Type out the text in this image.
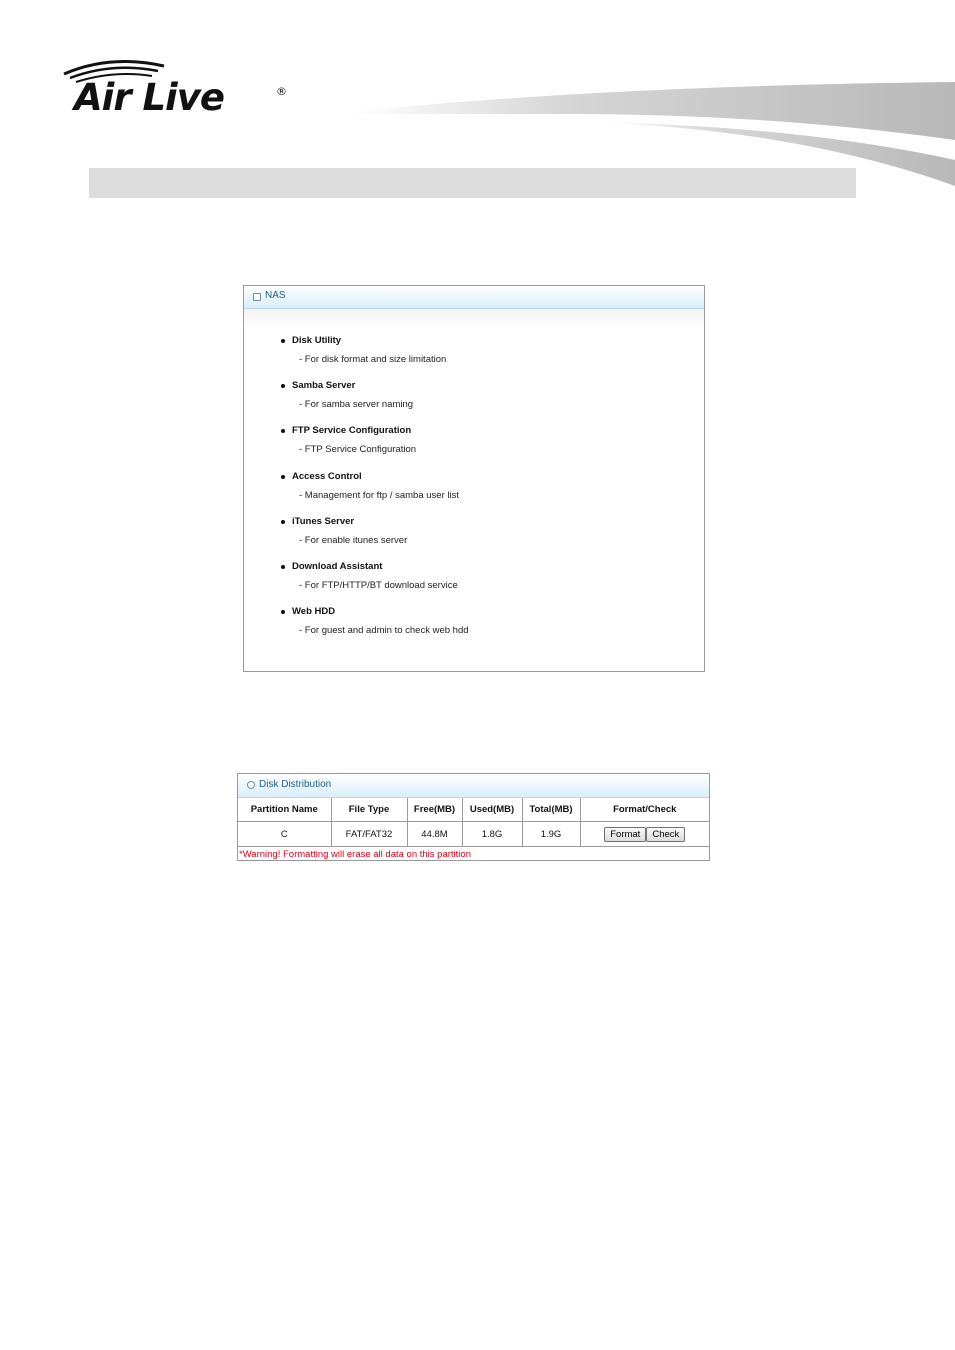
Air Live	®
NAS
Disk Utility
- For disk format and size limitation
Samba Server
- For samba server naming
FTP Service Configuration
- FTP Service Configuration
Access Control
- Management for ftp / samba user list
iTunes Server
- For enable itunes server
Download Assistant
- For FTP/HTTP/BT download service
Web HDD
- For guest and admin to check web hdd
Disk Distribution
Partition Name	File Type	Free(MB)	Used(MB)	Total(MB)	Format/Check
C	FAT/FAT32	44.8M	1.8G	1.9G	Format Check
*Warning! Formatting will erase all data on this partition
